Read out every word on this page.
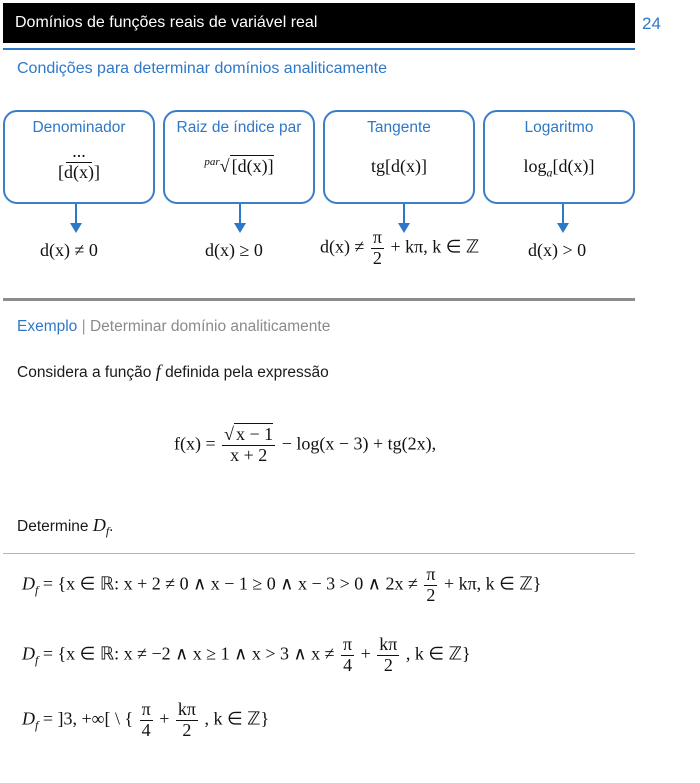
Domínios de funções reais de variável real	24
Condições para determinar domínios analiticamente
Denominador
$\frac{...}{[d(x)]}$
Raiz de índice par
$^{par}$√ [d(x)]
Tangente
tg[d(x)]
Logaritmo
$\log_a[d(x)]$
d(x) ≠ 0	d(x) ≥ 0	$d(x) \ne \frac{\pi}{2} + k\pi$, k ∈ ℤ	d(x) > 0
Exemplo | Determinar domínio analiticamente
Considera a função f definida pela expressão
$f(x) = \frac{√ x - 1}{x + 2} - \log(x - 3) + tg(2x)$,
Determine $D_f$.
$D_f = \{x$ ∈ ℝ: x + 2 ≠ 0 ∧ x − 1 ≥ 0 ∧ x − 3 > 0 ∧ $2x \ne \frac{\pi}{2} + k\pi$, k ∈ ℤ}
$D_f = \{x$ ∈ ℝ: x ≠ −2 ∧ x ≥ 1 ∧ x > 3 ∧ $x \ne \frac{\pi}{4} + \frac{k\pi}{2}$ , k ∈ ℤ}
$D_f = ]3$, +∞[ \ { $\frac{\pi}{4} + \frac{k\pi}{2}$ , k ∈ ℤ}
